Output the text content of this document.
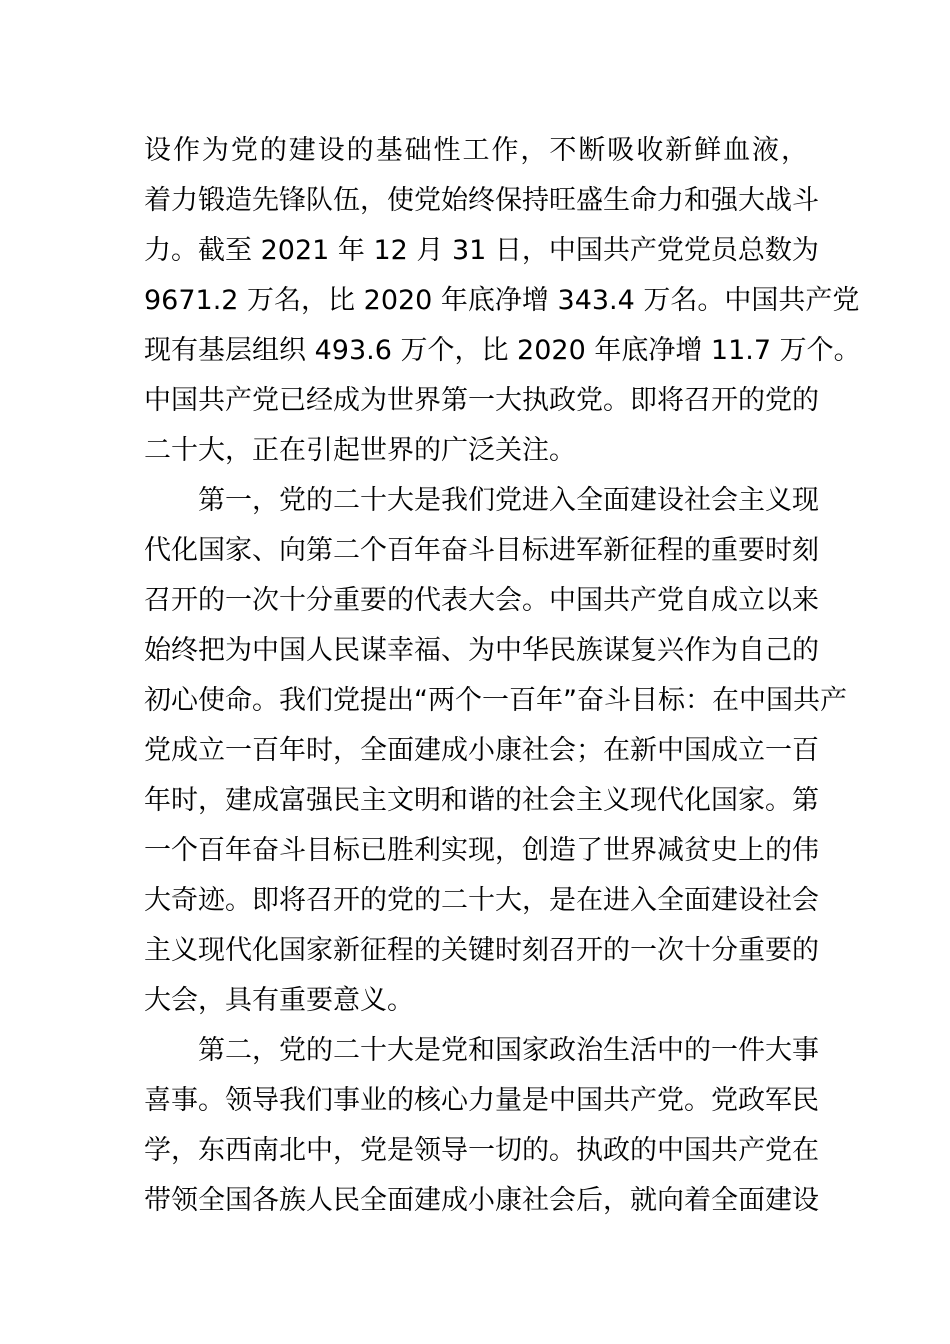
设作为党的建设的基础性工作，不断吸收新鲜血液，
着力锻造先锋队伍，使党始终保持旺盛生命力和强大战斗
力。截至 2021 年 12 月 31 日，中国共产党党员总数为
9671.2 万名，比 2020 年底净增 343.4 万名。中国共产党
现有基层组织 493.6 万个，比 2020 年底净增 11.7 万个。
中国共产党已经成为世界第一大执政党。即将召开的党的
二十大，正在引起世界的广泛关注。
第一，党的二十大是我们党进入全面建设社会主义现
代化国家、向第二个百年奋斗目标进军新征程的重要时刻
召开的一次十分重要的代表大会。中国共产党自成立以来
始终把为中国人民谋幸福、为中华民族谋复兴作为自己的
初心使命。我们党提出“两个一百年”奋斗目标：在中国共产
党成立一百年时，全面建成小康社会；在新中国成立一百
年时，建成富强民主文明和谐的社会主义现代化国家。第
一个百年奋斗目标已胜利实现，创造了世界减贫史上的伟
大奇迹。即将召开的党的二十大，是在进入全面建设社会
主义现代化国家新征程的关键时刻召开的一次十分重要的
大会，具有重要意义。
第二，党的二十大是党和国家政治生活中的一件大事
喜事。领导我们事业的核心力量是中国共产党。党政军民
学，东西南北中，党是领导一切的。执政的中国共产党在
带领全国各族人民全面建成小康社会后，就向着全面建设
